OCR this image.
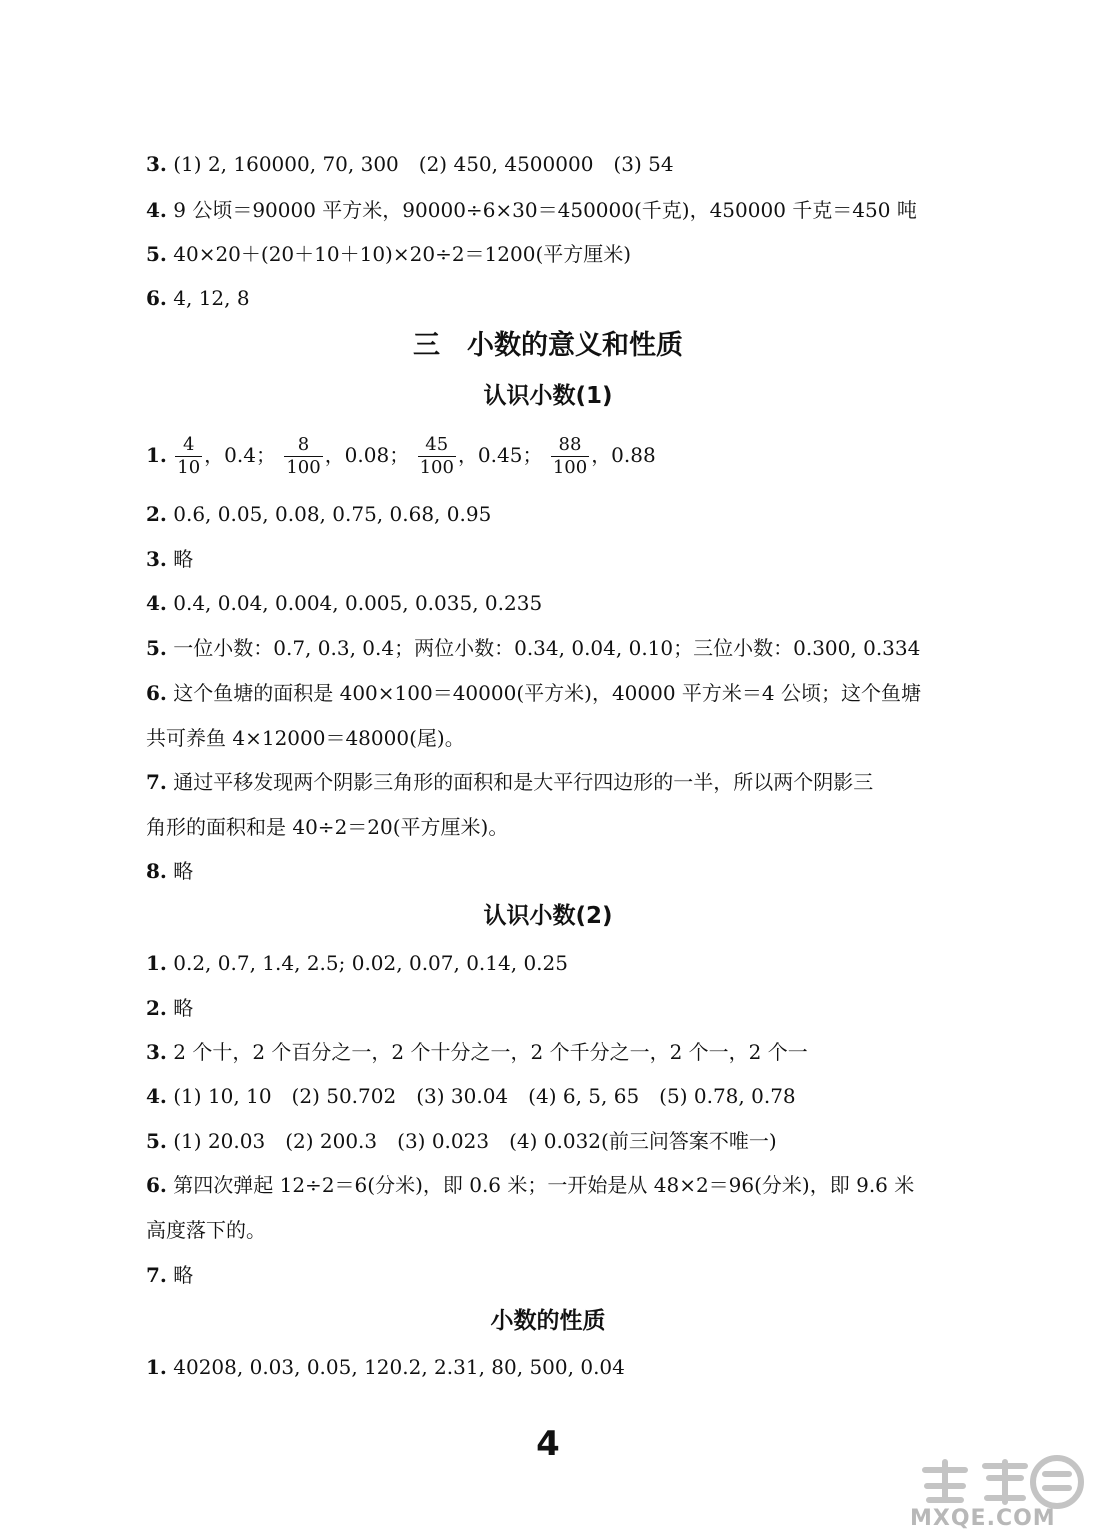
3. (1) 2, 160000, 70, 300　(2) 450, 4500000　(3) 54
4. 9 公顷＝90000 平方米，90000÷6×30＝450000(千克)，450000 千克＝450 吨
5. 40×20＋(20＋10＋10)×20÷2＝1200(平方厘米)
6. 4, 12, 8
三　小数的意义和性质
认识小数(1)
1. $\frac{4}{10}$ ，0.4； $\frac{8}{100}$ ，0.08； $\frac{45}{100}$ ，0.45； $\frac{88}{100}$ ，0.88
2. 0.6, 0.05, 0.08, 0.75, 0.68, 0.95
3. 略
4. 0.4, 0.04, 0.004, 0.005, 0.035, 0.235
5. 一位小数：0.7, 0.3, 0.4；两位小数：0.34, 0.04, 0.10；三位小数：0.300, 0.334
6. 这个鱼塘的面积是 400×100＝40000(平方米)，40000 平方米＝4 公顷；这个鱼塘
共可养鱼 4×12000＝48000(尾)。
7. 通过平移发现两个阴影三角形的面积和是大平行四边形的一半，所以两个阴影三
角形的面积和是 40÷2＝20(平方厘米)。
8. 略
认识小数(2)
1. 0.2, 0.7, 1.4, 2.5; 0.02, 0.07, 0.14, 0.25
2. 略
3. 2 个十，2 个百分之一，2 个十分之一，2 个千分之一，2 个一，2 个一
4. (1) 10, 10　(2) 50.702　(3) 30.04　(4) 6, 5, 65　(5) 0.78, 0.78
5. (1) 20.03　(2) 200.3　(3) 0.023　(4) 0.032(前三问答案不唯一)
6. 第四次弹起 12÷2＝6(分米)，即 0.6 米；一开始是从 48×2＝96(分米)，即 9.6 米
高度落下的。
7. 略
小数的性质
1. 40208, 0.03, 0.05, 120.2, 2.31, 80, 500, 0.04
4
MXQE.COM
